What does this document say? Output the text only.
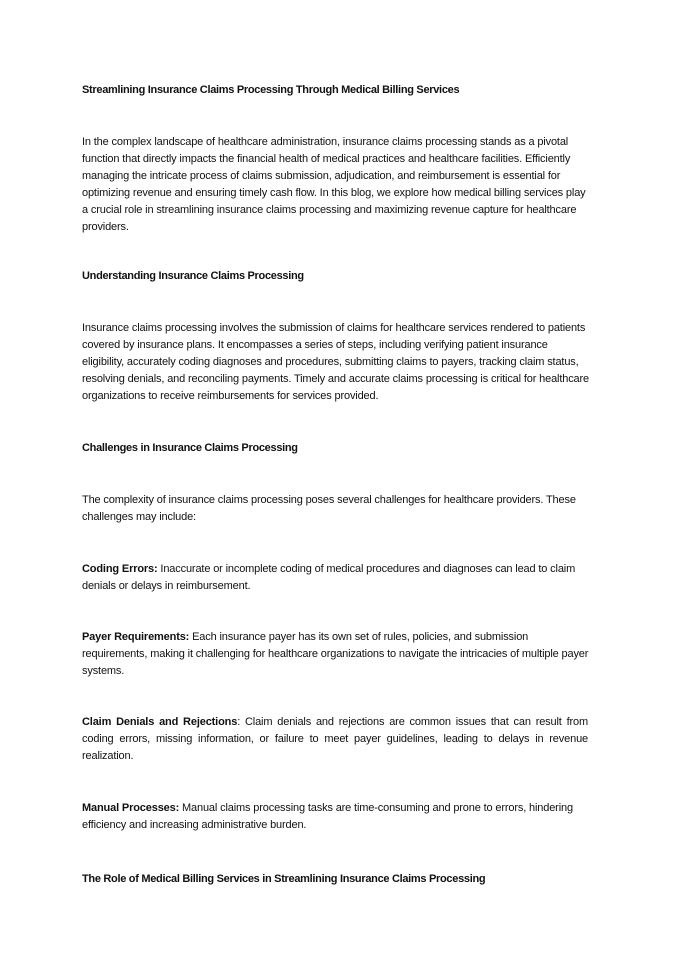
Streamlining Insurance Claims Processing Through Medical Billing Services

In the complex landscape of healthcare administration, insurance claims processing stands as a pivotal function that directly impacts the financial health of medical practices and healthcare facilities. Efficiently managing the intricate process of claims submission, adjudication, and reimbursement is essential for optimizing revenue and ensuring timely cash flow. In this blog, we explore how medical billing services play a crucial role in streamlining insurance claims processing and maximizing revenue capture for healthcare providers.

Understanding Insurance Claims Processing

Insurance claims processing involves the submission of claims for healthcare services rendered to patients covered by insurance plans. It encompasses a series of steps, including verifying patient insurance eligibility, accurately coding diagnoses and procedures, submitting claims to payers, tracking claim status, resolving denials, and reconciling payments. Timely and accurate claims processing is critical for healthcare organizations to receive reimbursements for services provided.

Challenges in Insurance Claims Processing

The complexity of insurance claims processing poses several challenges for healthcare providers. These challenges may include:

Coding Errors: Inaccurate or incomplete coding of medical procedures and diagnoses can lead to claim denials or delays in reimbursement.

Payer Requirements: Each insurance payer has its own set of rules, policies, and submission requirements, making it challenging for healthcare organizations to navigate the intricacies of multiple payer systems.

Claim Denials and Rejections: Claim denials and rejections are common issues that can result from coding errors, missing information, or failure to meet payer guidelines, leading to delays in revenue realization.

Manual Processes: Manual claims processing tasks are time-consuming and prone to errors, hindering efficiency and increasing administrative burden.

The Role of Medical Billing Services in Streamlining Insurance Claims Processing
